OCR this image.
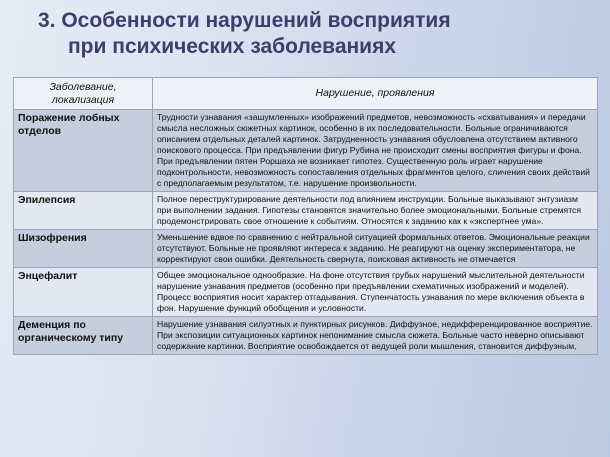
3. Особенности нарушений восприятия
при психических заболеваниях
Заболевание, локализация	Нарушение, проявления
Поражение лобных отделов	Трудности узнавания «зашумленных» изображений предметов, невозможность «схватывания» и передачи смысла несложных сюжетных картинок, особенно в их последовательности. Больные ограничиваются описанием отдельных деталей картинок. Затрудненность узнавания обусловлена отсутствием активного поискового процесса. При предъявлении фигур Рубина не происходит смены восприятия фигуры и фона. При предъявлении пятен Роршаха не возникает гипотез. Существенную роль играет нарушение подконтрольности, невозможность сопоставления отдельных фрагментов целого, сличения своих действий с предполагаемым результатом, т.е. нарушение произвольности.
Эпилепсия	Полное переструктурирование деятельности под влиянием инструкции. Больные выказывают энтузиазм при выполнении задания. Гипотезы становятся значительно более эмоциональными. Больные стремятся продемонстрировать свое отношение к событиям. Относятся к заданию как к «экспертнее ума».
Шизофрения	Уменьшение вдвое по сравнению с нейтральной ситуацией формальных ответов. Эмоциональные реакции отсутствуют. Больные не проявляют интереса к заданию. Не реагируют на оценку экспериментатора, не корректируют свои ошибки. Деятельность свернута, поисковая активность не отмечается
Энцефалит	Общее эмоциональное однообразие. На фоне отсутствия грубых нарушений мыслительной деятельности нарушение узнавания предметов (особенно при предъявлении схематичных изображений и моделей). Процесс восприятия носит характер отгадывания. Ступенчатость узнавания по мере включения объекта в фон. Нарушение функций обобщения и условности.
Деменция по органическому типу	Нарушение узнавания силуэтных и пунктирных рисунков. Диффузное, недифференцированное восприятие. При экспозиции ситуационных картинок непонимание смысла сюжета. Больные часто неверно описывают содержание картинки. Восприятие освобождается от ведущей роли мышления, становится диффузным,
